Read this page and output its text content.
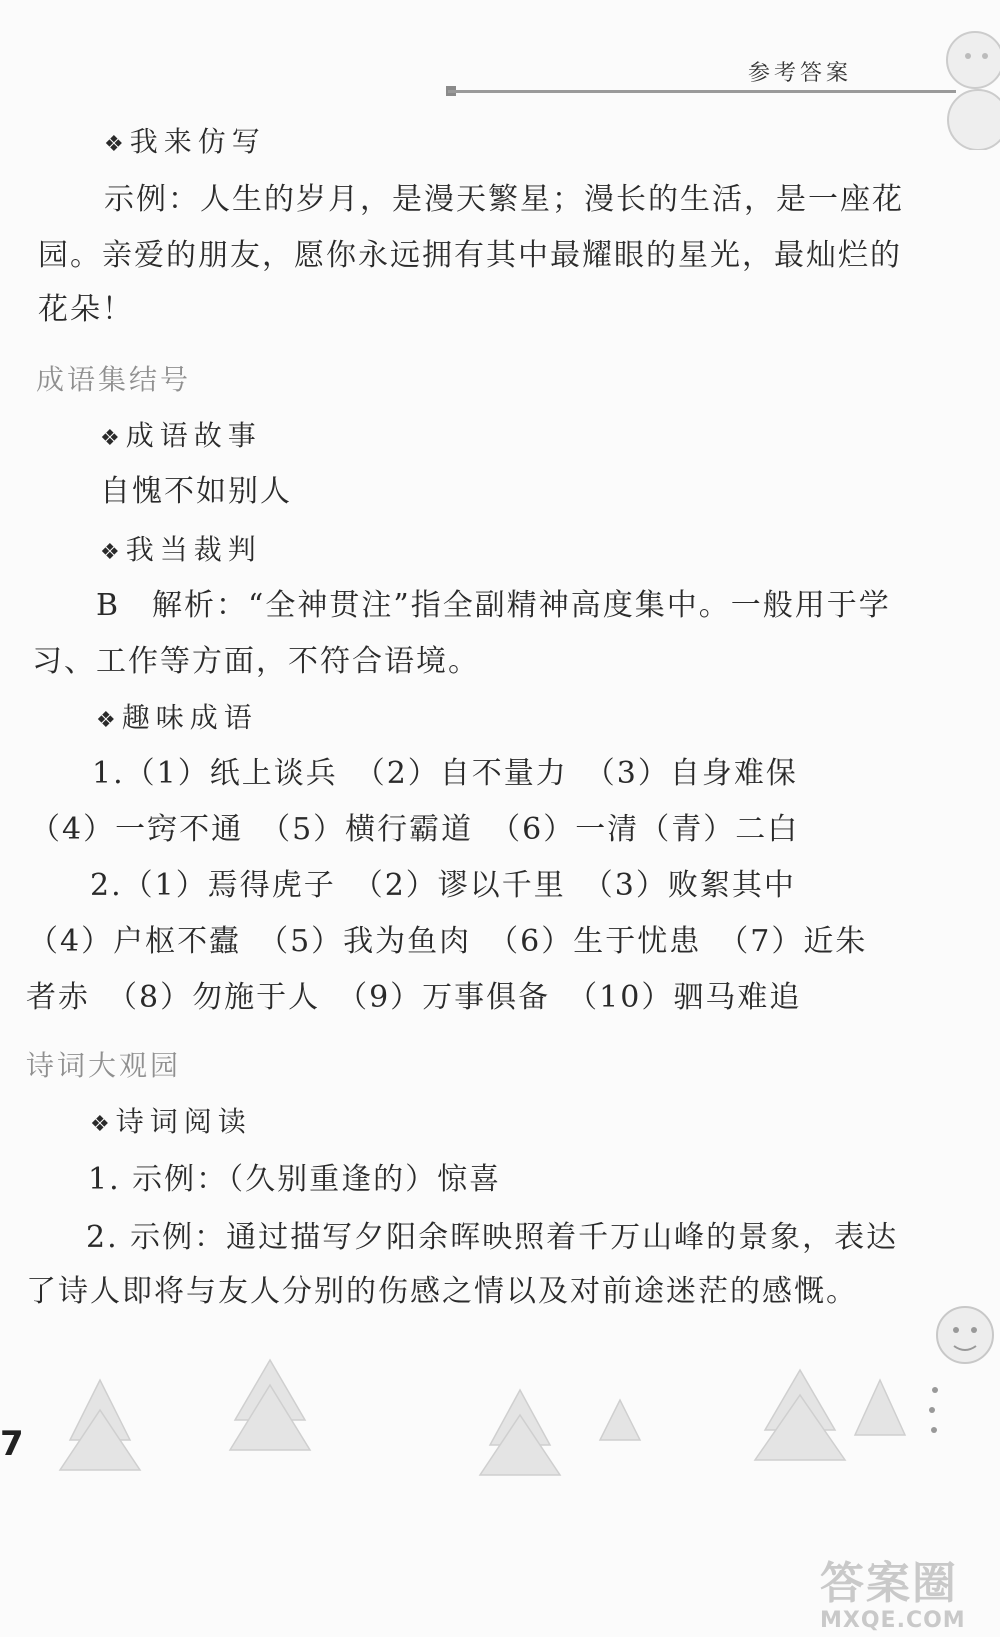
参考答案
❖ 我来仿写
示例：人生的岁月，是漫天繁星；漫长的生活，是一座花
园。亲爱的朋友，愿你永远拥有其中最耀眼的星光，最灿烂的
花朵！
成语集结号
❖ 成语故事
自愧不如别人
❖ 我当裁判
B　解析：“全神贯注”指全副精神高度集中。一般用于学
习、工作等方面，不符合语境。
❖ 趣味成语
1.（1）纸上谈兵　（2）自不量力　（3）自身难保
（4）一窍不通　（5）横行霸道　（6）一清（青）二白
2.（1）焉得虎子　（2）谬以千里　（3）败絮其中
（4）户枢不蠹　（5）我为鱼肉　（6）生于忧患　（7）近朱
者赤　（8）勿施于人　（9）万事俱备　（10）驷马难追
诗词大观园
❖ 诗词阅读
1. 示例：（久别重逢的）惊喜
2. 示例：通过描写夕阳余晖映照着千万山峰的景象，表达
了诗人即将与友人分别的伤感之情以及对前途迷茫的感慨。
7
答案圈
MXQE.COM
